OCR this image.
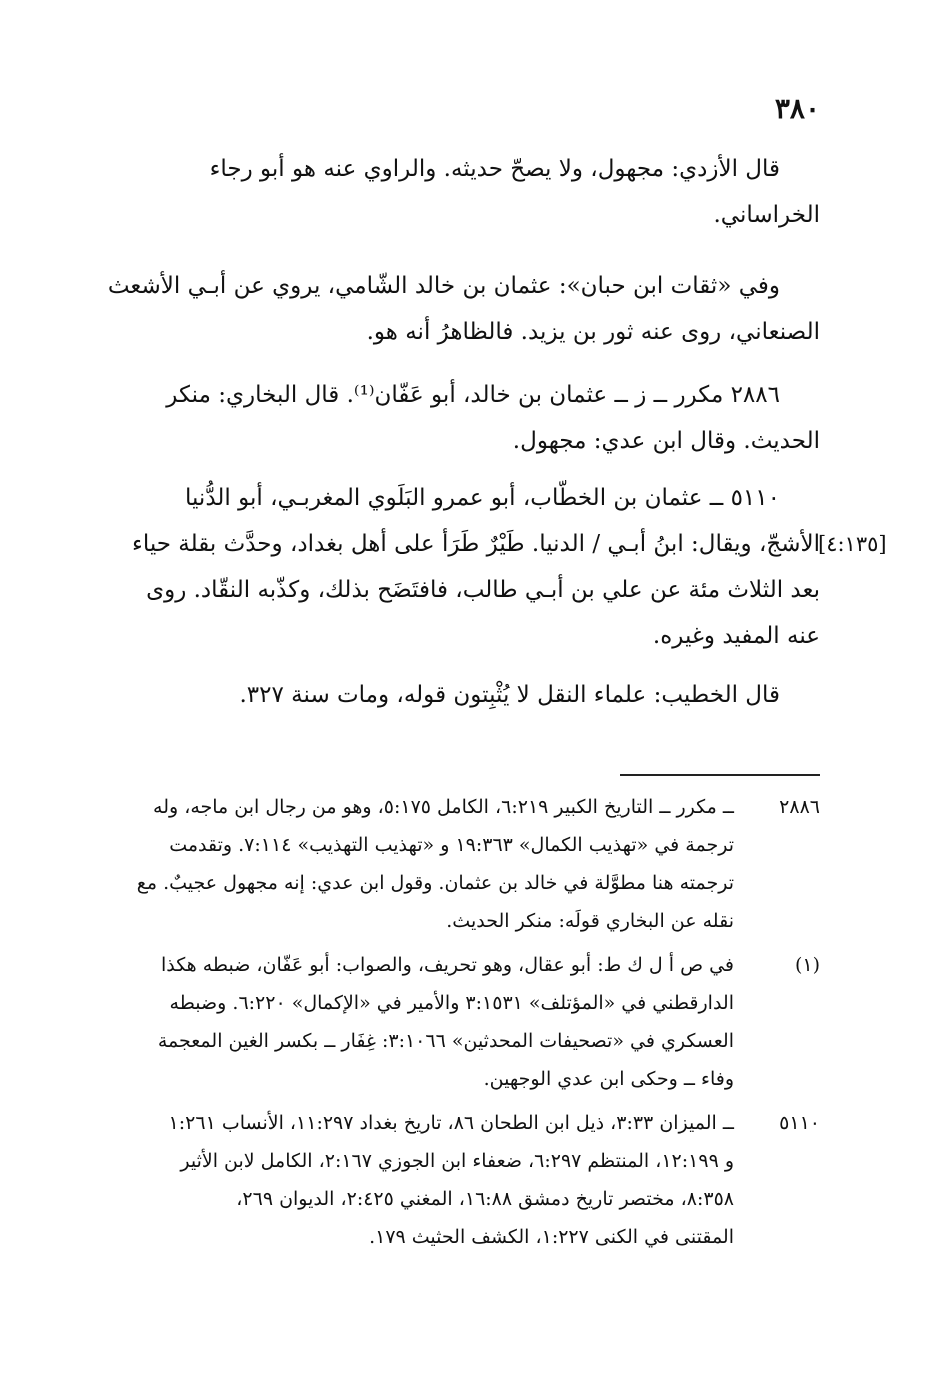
٣٨٠
قال الأزدي: مجهول، ولا يصحّ حديثه. والراوي عنه هو أبو رجاء
الخراساني.
وفي «ثقات ابن حبان»: عثمان بن خالد الشّامي، يروي عن أبـي الأشعث
الصنعاني، روى عنه ثور بن يزيد. فالظاهرُ أنه هو.
٢٨٨٦ مكرر ــ ز ــ عثمان بن خالد، أبو عَفّان⁽¹⁾. قال البخاري: منكر
الحديث. وقال ابن عدي: مجهول.
٥١١٠ ــ عثمان بن الخطّاب، أبو عمرو البَلَوي المغربـي، أبو الدُّنيا
الأشجّ، ويقال: ابنُ أبـي / الدنيا. طَيْرٌ طَرَأ على أهل بغداد، وحدَّث بقلة حياء
بعد الثلاث مئة عن علي بن أبـي طالب، فافتَضَح بذلك، وكذّبه النقّاد. روى
عنه المفيد وغيره.
[٤:١٣٥]
قال الخطيب: علماء النقل لا يُثْبِتون قوله، ومات سنة ٣٢٧.
٢٨٨٦
ــ مكرر ــ التاريخ الكبير ٦:٢١٩، الكامل ٥:١٧٥، وهو من رجال ابن ماجه، وله
ترجمة في «تهذيب الكمال» ١٩:٣٦٣ و «تهذيب التهذيب» ٧:١١٤. وتقدمت
ترجمته هنا مطوَّلة في خالد بن عثمان. وقول ابن عدي: إنه مجهول عجيبٌ. مع
نقله عن البخاري قولَه: منكر الحديث.
(١)
في ص أ ل ك ط: أبو عقال، وهو تحريف، والصواب: أبو عَفّان، ضبطه هكذا
الدارقطني في «المؤتلف» ٣:١٥٣١ والأمير في «الإكمال» ٦:٢٢٠. وضبطه
العسكري في «تصحيفات المحدثين» ٣:١٠٦٦: غِفَار ــ بكسر الغين المعجمة
وفاء ــ وحكى ابن عدي الوجهين.
٥١١٠
ــ الميزان ٣:٣٣، ذيل ابن الطحان ٨٦، تاريخ بغداد ١١:٢٩٧، الأنساب ١:٢٦١
و ١٢:١٩٩، المنتظم ٦:٢٩٧، ضعفاء ابن الجوزي ٢:١٦٧، الكامل لابن الأثير
٨:٣٥٨، مختصر تاريخ دمشق ١٦:٨٨، المغني ٢:٤٢٥، الديوان ٢٦٩،
المقتنى في الكنى ١:٢٢٧، الكشف الحثيث ١٧٩.
